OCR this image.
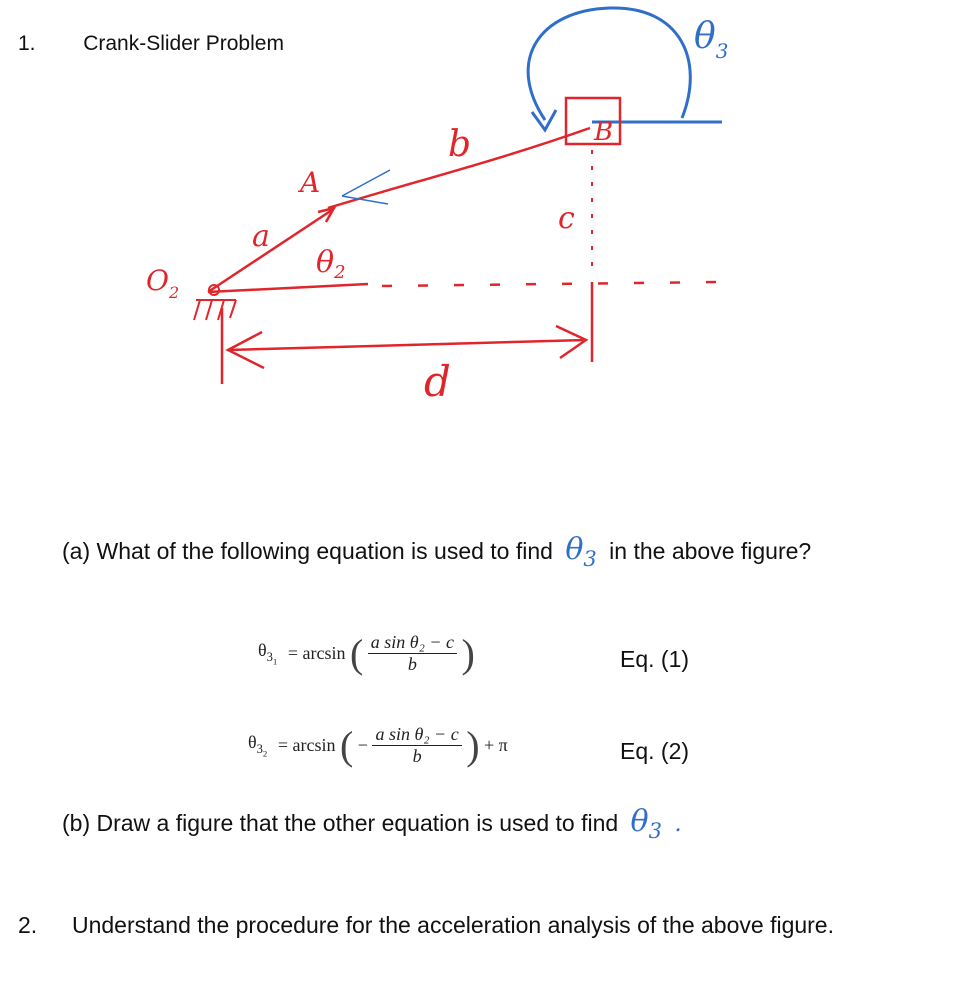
1. Crank-Slider Problem	$\theta_3$
b	B
A
a
c
$\theta_2$
$O_2$
d
(a) What of the following equation is used to find $\theta_3$ in the above figure?
$\theta_{3_1} = \arcsin$ ( $\frac{\text{a sin θ₂ − c}}{b}$ )	Eq. (1)
$\theta_{3_2} = \arcsin$ ( − $\frac{\text{a sin θ₂ − c}}{b}$ ) + π	Eq. (2)
(b) Draw a figure that the other equation is used to find $\theta_3$ .
2. Understand the procedure for the acceleration analysis of the above figure.
